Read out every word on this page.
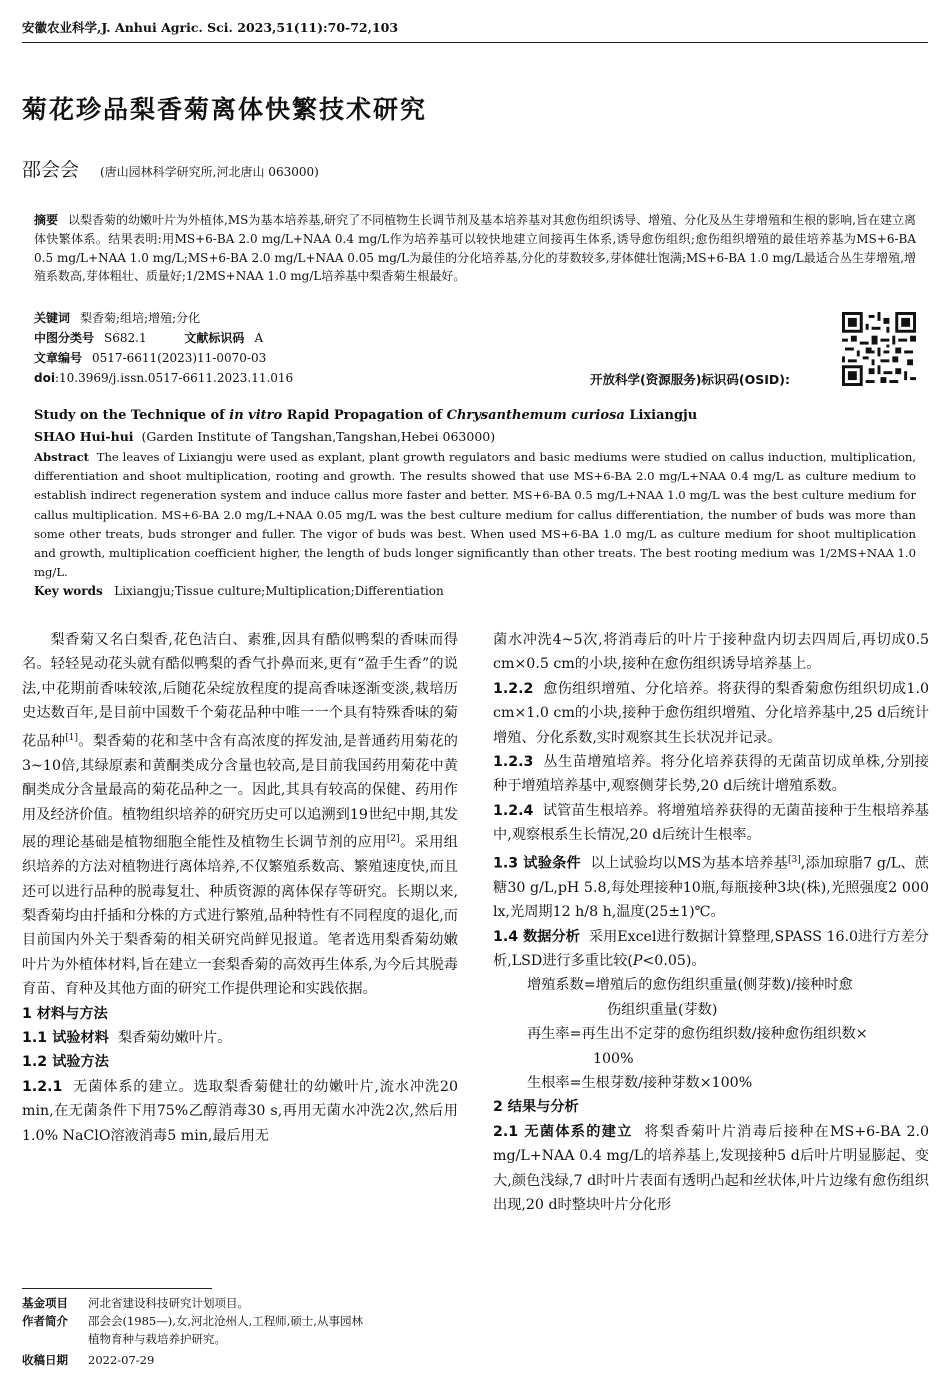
安徽农业科学,J. Anhui Agric. Sci. 2023,51(11):70-72,103
菊花珍品梨香菊离体快繁技术研究
邵会会 (唐山园林科学研究所,河北唐山 063000)
摘要 以梨香菊的幼嫩叶片为外植体,MS为基本培养基,研究了不同植物生长调节剂及基本培养基对其愈伤组织诱导、增殖、分化及丛生芽增殖和生根的影响,旨在建立离体快繁体系。结果表明:用MS+6-BA 2.0 mg/L+NAA 0.4 mg/L作为培养基可以较快地建立间接再生体系,诱导愈伤组织;愈伤组织增殖的最佳培养基为MS+6-BA 0.5 mg/L+NAA 1.0 mg/L;MS+6-BA 2.0 mg/L+NAA 0.05 mg/L为最佳的分化培养基,分化的芽数较多,芽体健壮饱满;MS+6-BA 1.0 mg/L最适合丛生芽增殖,增殖系数高,芽体粗壮、质量好;1/2MS+NAA 1.0 mg/L培养基中梨香菊生根最好。
关键词 梨香菊;组培;增殖;分化
中图分类号 S682.1	文献标识码 A
文章编号 0517-6611(2023)11-0070-03
doi:10.3969/j.issn.0517-6611.2023.11.016	开放科学(资源服务)标识码(OSID):
Study on the Technique of in vitro Rapid Propagation of Chrysanthemum curiosa Lixiangju
SHAO Hui-hui (Garden Institute of Tangshan,Tangshan,Hebei 063000)
Abstract The leaves of Lixiangju were used as explant, plant growth regulators and basic mediums were studied on callus induction, multiplication, differentiation and shoot multiplication, rooting and growth. The results showed that use MS+6-BA 2.0 mg/L+NAA 0.4 mg/L as culture medium to establish indirect regeneration system and induce callus more faster and better. MS+6-BA 0.5 mg/L+NAA 1.0 mg/L was the best culture medium for callus multiplication. MS+6-BA 2.0 mg/L+NAA 0.05 mg/L was the best culture medium for callus differentiation, the number of buds was more than some other treats, buds stronger and fuller. The vigor of buds was best. When used MS+6-BA 1.0 mg/L as culture medium for shoot multiplication and growth, multiplication coefficient higher, the length of buds longer significantly than other treats. The best rooting medium was 1/2MS+NAA 1.0 mg/L.
Key words Lixiangju;Tissue culture;Multiplication;Differentiation

梨香菊又名白梨香,花色洁白、素雅,因具有酷似鸭梨的香味而得名。轻轻晃动花头就有酷似鸭梨的香气扑鼻而来,更有“盈手生香”的说法,中花期前香味较浓,后随花朵绽放程度的提高香味逐渐变淡,栽培历史达数百年,是目前中国数千个菊花品种中唯一一个具有特殊香味的菊花品种[1]。梨香菊的花和茎中含有高浓度的挥发油,是普通药用菊花的3~10倍,其绿原素和黄酮类成分含量也较高,是目前我国药用菊花中黄酮类成分含量最高的菊花品种之一。因此,其具有较高的保健、药用作用及经济价值。植物组织培养的研究历史可以追溯到19世纪中期,其发展的理论基础是植物细胞全能性及植物生长调节剂的应用[2]。采用组织培养的方法对植物进行离体培养,不仅繁殖系数高、繁殖速度快,而且还可以进行品种的脱毒复壮、种质资源的离体保存等研究。长期以来,梨香菊均由扦插和分株的方式进行繁殖,品种特性有不同程度的退化,而目前国内外关于梨香菊的相关研究尚鲜见报道。笔者选用梨香菊幼嫩叶片为外植体材料,旨在建立一套梨香菊的高效再生体系,为今后其脱毒育苗、育种及其他方面的研究工作提供理论和实践依据。

1 材料与方法

1.1 试验材料 梨香菊幼嫩叶片。

1.2 试验方法

1.2.1 无菌体系的建立。选取梨香菊健壮的幼嫩叶片,流水冲洗20 min,在无菌条件下用75%乙醇消毒30 s,再用无菌水冲洗2次,然后用1.0% NaClO溶液消毒5 min,最后用无

菌水冲洗4~5次,将消毒后的叶片于接种盘内切去四周后,再切成0.5 cm×0.5 cm的小块,接种在愈伤组织诱导培养基上。

1.2.2 愈伤组织增殖、分化培养。将获得的梨香菊愈伤组织切成1.0 cm×1.0 cm的小块,接种于愈伤组织增殖、分化培养基中,25 d后统计增殖、分化系数,实时观察其生长状况并记录。

1.2.3 丛生苗增殖培养。将分化培养获得的无菌苗切成单株,分别接种于增殖培养基中,观察侧芽长势,20 d后统计增殖系数。

1.2.4 试管苗生根培养。将增殖培养获得的无菌苗接种于生根培养基中,观察根系生长情况,20 d后统计生根率。

1.3 试验条件 以上试验均以MS为基本培养基[3],添加琼脂7 g/L、蔗糖30 g/L,pH 5.8,每处理接种10瓶,每瓶接种3块(株),光照强度2 000 lx,光周期12 h/8 h,温度(25±1)℃。

1.4 数据分析 采用Excel进行数据计算整理,SPASS 16.0进行方差分析,LSD进行多重比较(P<0.05)。

增殖系数=增殖后的愈伤组织重量(侧芽数)/接种时愈

伤组织重量(芽数)

再生率=再生出不定芽的愈伤组织数/接种愈伤组织数×

100%

生根率=生根芽数/接种芽数×100%

2 结果与分析

2.1 无菌体系的建立 将梨香菊叶片消毒后接种在MS+6-BA 2.0 mg/L+NAA 0.4 mg/L的培养基上,发现接种5 d后叶片明显膨起、变大,颜色浅绿,7 d时叶片表面有透明凸起和丝状体,叶片边缘有愈伤组织出现,20 d时整块叶片分化形

基金项目 河北省建设科技研究计划项目。
作者简介 邵会会(1985—),女,河北沧州人,工程师,硕士,从事园林
植物育种与栽培养护研究。
收稿日期 2022-07-29
